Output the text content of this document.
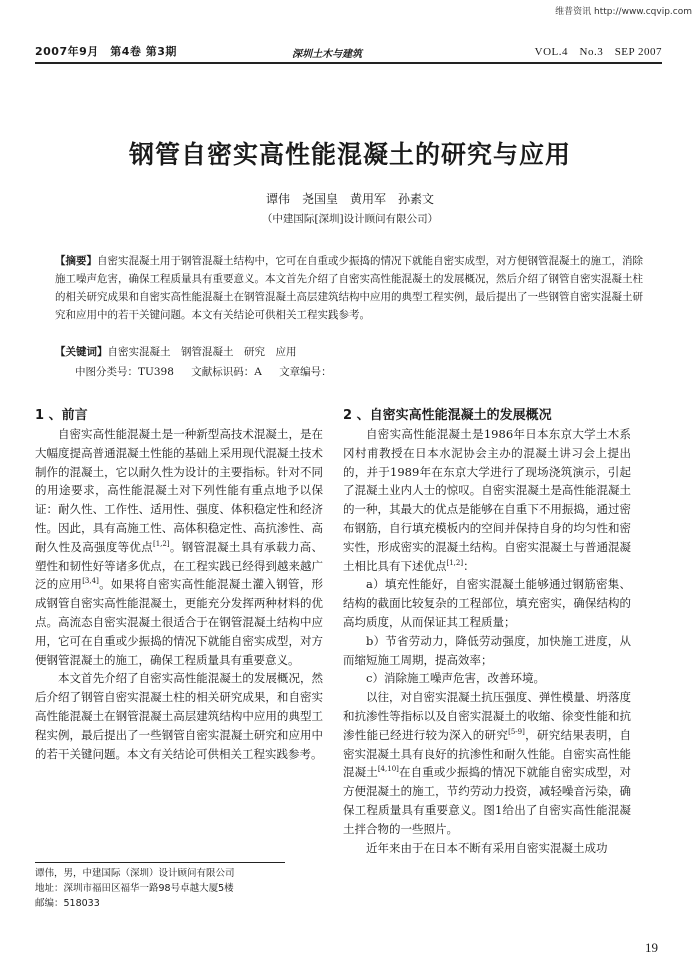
维普资讯 http://www.cqvip.com
2007年9月　第4卷 第3期	深圳土木与建筑	VOL.4　No.3　SEP 2007
钢管自密实高性能混凝土的研究与应用
谭伟　尧国皇　黄用军　孙素文
（中建国际[深圳]设计顾问有限公司）
【摘要】自密实混凝土用于钢管混凝土结构中，它可在自重或少振捣的情况下就能自密实成型，对方便钢管混凝土的施工，消除施工噪声危害，确保工程质量具有重要意义。本文首先介绍了自密实高性能混凝土的发展概况，然后介绍了钢管自密实混凝土柱的相关研究成果和自密实高性能混凝土在钢管混凝土高层建筑结构中应用的典型工程实例，最后提出了一些钢管自密实混凝土研究和应用中的若干关键问题。本文有关结论可供相关工程实践参考。
【关键词】自密实混凝土　钢管混凝土　研究　应用
中图分类号：TU398 文献标识码：A 文章编号：
1 、前言

自密实高性能混凝土是一种新型高技术混凝土，是在大幅度提高普通混凝土性能的基础上采用现代混凝土技术制作的混凝土，它以耐久性为设计的主要指标。针对不同的用途要求，高性能混凝土对下列性能有重点地予以保证：耐久性、工作性、适用性、强度、体积稳定性和经济性。因此，具有高施工性、高体积稳定性、高抗渗性、高耐久性及高强度等优点[1,2]。钢管混凝土具有承载力高、塑性和韧性好等诸多优点，在工程实践已经得到越来越广泛的应用[3,4]。如果将自密实高性能混凝土灌入钢管，形成钢管自密实高性能混凝土，更能充分发挥两种材料的优点。高流态自密实混凝土很适合于在钢管混凝土结构中应用，它可在自重或少振捣的情况下就能自密实成型，对方便钢管混凝土的施工，确保工程质量具有重要意义。

本文首先介绍了自密实高性能混凝土的发展概况，然后介绍了钢管自密实混凝土柱的相关研究成果，和自密实高性能混凝土在钢管混凝土高层建筑结构中应用的典型工程实例，最后提出了一些钢管自密实混凝土研究和应用中的若干关键问题。本文有关结论可供相关工程实践参考。

2 、自密实高性能混凝土的发展概况

自密实高性能混凝土是1986年日本东京大学土木系冈村甫教授在日本水泥协会主办的混凝土讲习会上提出的，并于1989年在东京大学进行了现场浇筑演示，引起了混凝土业内人士的惊叹。自密实混凝土是高性能混凝土的一种，其最大的优点是能够在自重下不用振捣，通过密布钢筋，自行填充模板内的空间并保持自身的均匀性和密实性，形成密实的混凝土结构。自密实混凝土与普通混凝土相比具有下述优点[1,2]：

a）填充性能好，自密实混凝土能够通过钢筋密集、结构的截面比较复杂的工程部位，填充密实，确保结构的高均质度，从而保证其工程质量；

b）节省劳动力，降低劳动强度，加快施工进度，从而缩短施工周期，提高效率；

c）消除施工噪声危害，改善环境。

以往，对自密实混凝土抗压强度、弹性模量、坍落度和抗渗性等指标以及自密实混凝土的收缩、徐变性能和抗渗性能已经进行较为深入的研究[5-9]，研究结果表明，自密实混凝土具有良好的抗渗性和耐久性能。自密实高性能混凝土[4,10]在自重或少振捣的情况下就能自密实成型，对方便混凝土的施工，节约劳动力投资，减轻噪音污染，确保工程质量具有重要意义。图1给出了自密实高性能混凝土拌合物的一些照片。

近年来由于在日本不断有采用自密实混凝土成功

谭伟，男，中建国际（深圳）设计顾问有限公司
地址：深圳市福田区福华一路98号卓越大厦5楼
邮编：518033
19
